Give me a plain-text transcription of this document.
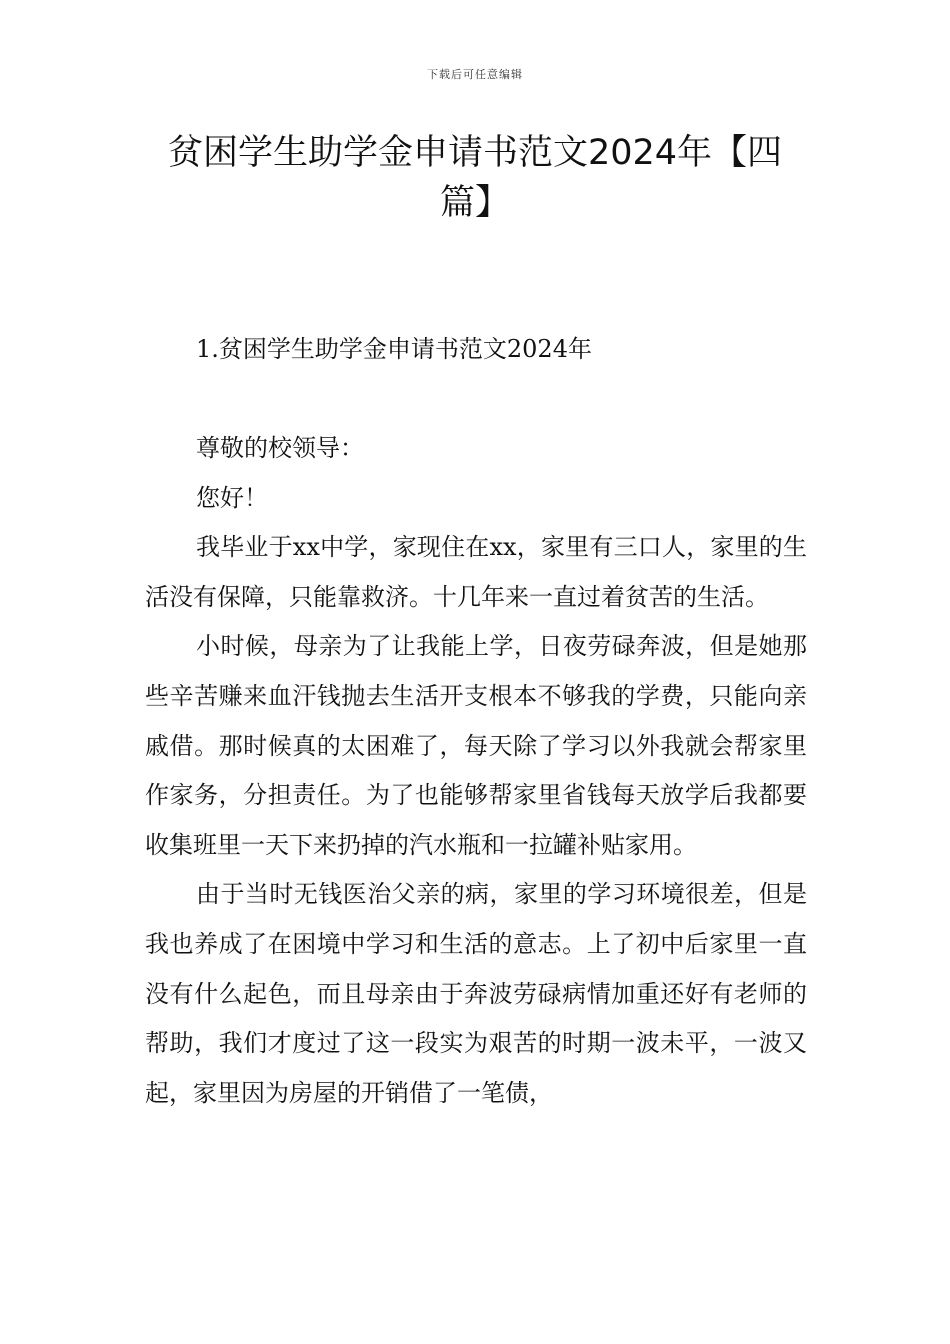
下载后可任意编辑
贫困学生助学金申请书范文2024年【四篇】
1.贫困学生助学金申请书范文2024年

尊敬的校领导：

您好！

我毕业于xx中学，家现住在xx，家里有三口人，家里的生活没有保障，只能靠救济。十几年来一直过着贫苦的生活。

小时候，母亲为了让我能上学，日夜劳碌奔波，但是她那些辛苦赚来血汗钱抛去生活开支根本不够我的学费，只能向亲戚借。那时候真的太困难了，每天除了学习以外我就会帮家里作家务，分担责任。为了也能够帮家里省钱每天放学后我都要收集班里一天下来扔掉的汽水瓶和一拉罐补贴家用。

由于当时无钱医治父亲的病，家里的学习环境很差，但是我也养成了在困境中学习和生活的意志。上了初中后家里一直没有什么起色，而且母亲由于奔波劳碌病情加重还好有老师的帮助，我们才度过了这一段实为艰苦的时期一波未平，一波又起，家里因为房屋的开销借了一笔债，
